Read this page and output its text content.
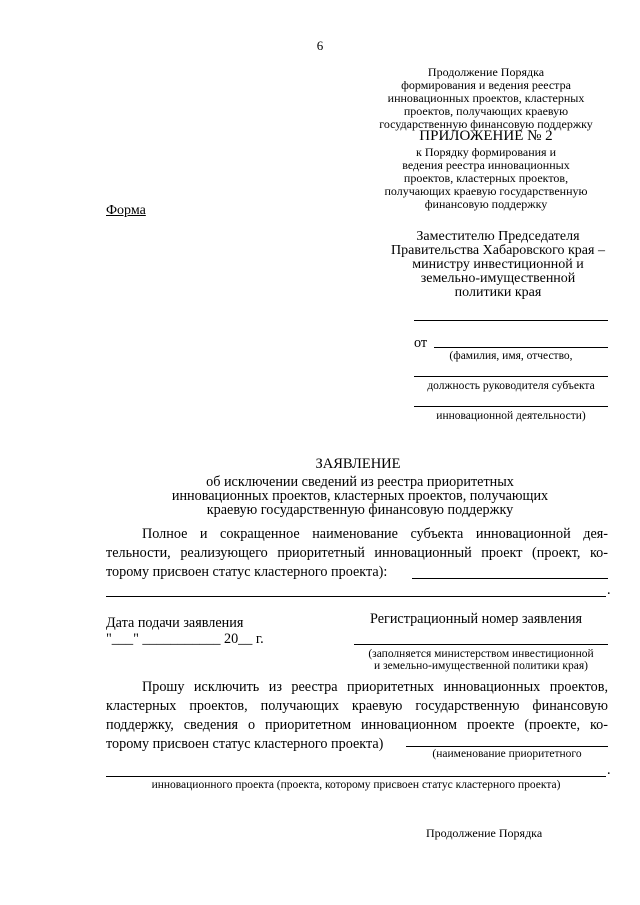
6
Продолжение Порядка
формирования и ведения реестра
инновационных проектов, кластерных
проектов, получающих краевую
государственную финансовую поддержку
ПРИЛОЖЕНИЕ № 2
к Порядку формирования и
ведения реестра инновационных
проектов, кластерных проектов,
получающих краевую государственную
финансовую поддержку
Форма
Заместителю Председателя
Правительства Хабаровского края –
министру инвестиционной и
земельно-имущественной
политики края
от
(фамилия, имя, отчество,
должность руководителя субъекта
инновационной деятельности)
ЗАЯВЛЕНИЕ
об исключении сведений из реестра приоритетных
инновационных проектов, кластерных проектов, получающих
краевую государственную финансовую поддержку
Полное и сокращенное наименование субъекта инновационной дея-
тельности, реализующего приоритетный инновационный проект (проект, ко-
торому присвоен статус кластерного проекта):
.
Дата подачи заявления
"___" ___________ 20__ г.
Регистрационный номер заявления
(заполняется министерством инвестиционной
и земельно-имущественной политики края)
Прошу исключить из реестра приоритетных инновационных проектов,
кластерных проектов, получающих краевую государственную финансовую
поддержку, сведения о приоритетном инновационном проекте (проекте, ко-
торому присвоен статус кластерного проекта)
(наименование приоритетного
.
инновационного проекта (проекта, которому присвоен статус кластерного проекта)
Продолжение Порядка
